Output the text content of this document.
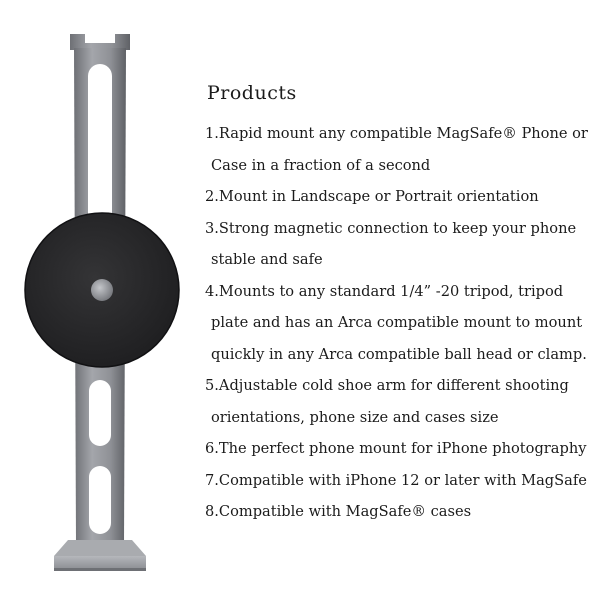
Products
1.Rapid mount any compatible MagSafe® Phone or
Case in a fraction of a second
2.Mount in Landscape or Portrait orientation
3.Strong magnetic connection to keep your phone
stable and safe
4.Mounts to any standard 1/4” -20 tripod, tripod
plate and has an Arca compatible mount to mount
quickly in any Arca compatible ball head or clamp.
5.Adjustable cold shoe arm for different shooting
orientations, phone size and cases size
6.The perfect phone mount for iPhone photography
7.Compatible with iPhone 12 or later with MagSafe
8.Compatible with MagSafe® cases
